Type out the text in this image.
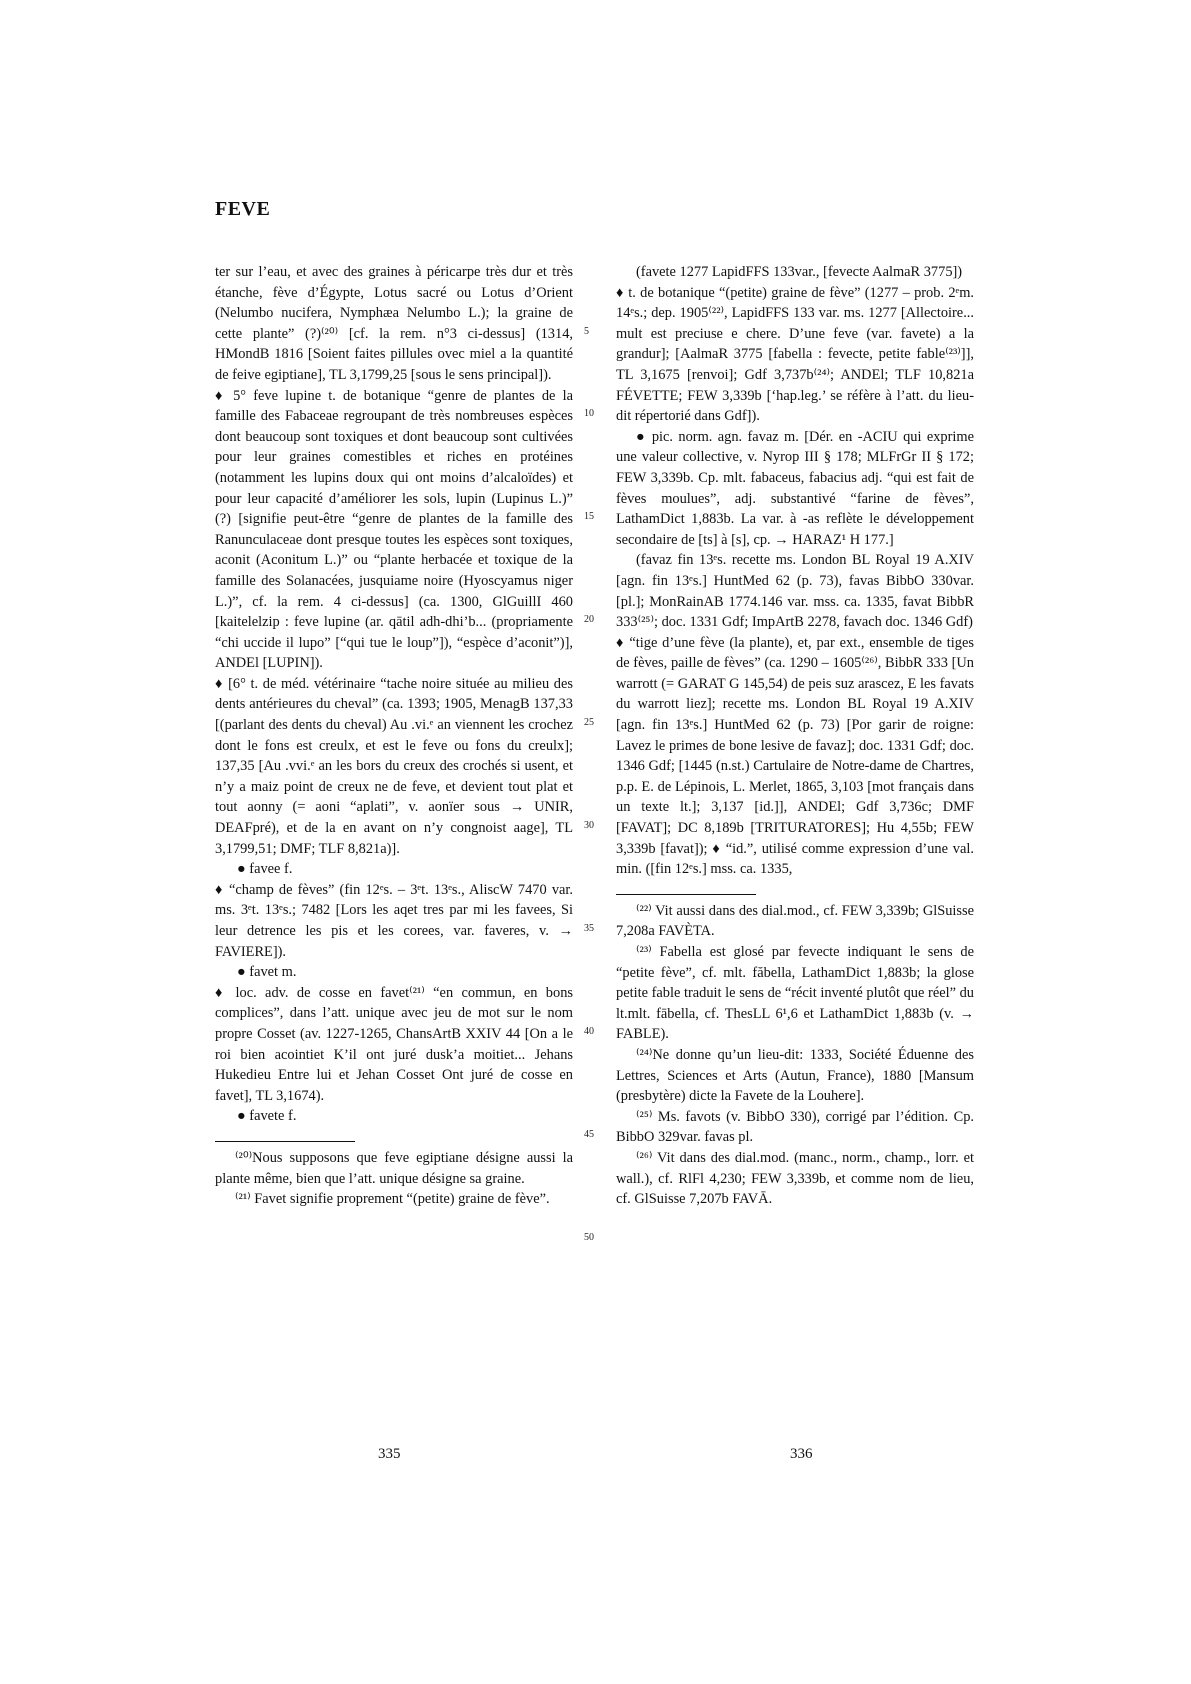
FEVE

ter sur l’eau, et avec des graines à péricarpe très dur et très étanche, fève d’Égypte, Lotus sacré ou Lotus d’Orient (Nelumbo nucifera, Nymphæa Nelumbo L.); la graine de cette plante” (?)⁽²⁰⁾ [cf. la rem. n°3 ci-dessus] (1314, HMondB 1816 [Soient faites pillules ovec miel a la quantité de feive egiptiane], TL 3,1799,25 [sous le sens principal]).

♦ 5° feve lupine t. de botanique “genre de plantes de la famille des Fabaceae regroupant de très nombreuses espèces dont beaucoup sont toxiques et dont beaucoup sont cultivées pour leur graines comestibles et riches en protéines (notamment les lupins doux qui ont moins d’alcaloïdes) et pour leur capacité d’améliorer les sols, lupin (Lupinus L.)” (?) [signifie peut-être “genre de plantes de la famille des Ranunculaceae dont presque toutes les espèces sont toxiques, aconit (Aconitum L.)” ou “plante herbacée et toxique de la famille des Solanacées, jusquiame noire (Hyoscyamus niger L.)”, cf. la rem. 4 ci-dessus] (ca. 1300, GlGuillI 460 [kaitelelzip : feve lupine (ar. qātil adh-dhi’b... (propriamente “chi uccide il lupo” [“qui tue le loup”]), “espèce d’aconit”)], ANDEl [LUPIN]).

♦ [6° t. de méd. vétérinaire “tache noire située au milieu des dents antérieures du cheval” (ca. 1393; 1905, MenagB 137,33 [(parlant des dents du cheval) Au .vi.ᵉ an viennent les crochez dont le fons est creulx, et est le feve ou fons du creulx]; 137,35 [Au .vvi.ᵉ an les bors du creux des crochés si usent, et n’y a maiz point de creux ne de feve, et devient tout plat et tout aonny (= aoni “aplati”, v. aonïer sous → UNIR, DEAFpré), et de la en avant on n’y congnoist aage], TL 3,1799,51; DMF; TLF 8,821a)].

● favee f.

♦ “champ de fèves” (fin 12ᵉs. – 3ᵉt. 13ᵉs., AliscW 7470 var. ms. 3ᵉt. 13ᵉs.; 7482 [Lors les aqet tres par mi les favees, Si leur detrence les pis et les corees, var. faveres, v. → FAVIERE]).

● favet m.

♦ loc. adv. de cosse en favet⁽²¹⁾ “en commun, en bons complices”, dans l’att. unique avec jeu de mot sur le nom propre Cosset (av. 1227-1265, ChansArtB XXIV 44 [On a le roi bien acointiet K’il ont juré dusk’a moitiet... Jehans Hukedieu Entre lui et Jehan Cosset Ont juré de cosse en favet], TL 3,1674).

● favete f.

⁽²⁰⁾Nous supposons que feve egiptiane désigne aussi la plante même, bien que l’att. unique désigne sa graine.

⁽²¹⁾ Favet signifie proprement “(petite) graine de fève”.

(favete 1277 LapidFFS 133var., [fevecte AalmaR 3775])

♦ t. de botanique “(petite) graine de fève” (1277 – prob. 2ᵉm. 14ᵉs.; dep. 1905⁽²²⁾, LapidFFS 133 var. ms. 1277 [Allectoire... mult est preciuse e chere. D’une feve (var. favete) a la grandur]; [AalmaR 3775 [fabella : fevecte, petite fable⁽²³⁾]], TL 3,1675 [renvoi]; Gdf 3,737b⁽²⁴⁾; ANDEl; TLF 10,821a FÉVETTE; FEW 3,339b [‘hap.leg.’ se réfère à l’att. du lieu-dit répertorié dans Gdf]).

● pic. norm. agn. favaz m. [Dér. en -ACIU qui exprime une valeur collective, v. Nyrop III § 178; MLFrGr II § 172; FEW 3,339b. Cp. mlt. fabaceus, fabacius adj. “qui est fait de fèves moulues”, adj. substantivé “farine de fèves”, LathamDict 1,883b. La var. à -as reflète le développement secondaire de [ts] à [s], cp. → HARAZ¹ H 177.]

(favaz fin 13ᵉs. recette ms. London BL Royal 19 A.XIV [agn. fin 13ᵉs.] HuntMed 62 (p. 73), favas BibbO 330var. [pl.]; MonRainAB 1774.146 var. mss. ca. 1335, favat BibbR 333⁽²⁵⁾; doc. 1331 Gdf; ImpArtB 2278, favach doc. 1346 Gdf)

♦ “tige d’une fève (la plante), et, par ext., ensemble de tiges de fèves, paille de fèves” (ca. 1290 – 1605⁽²⁶⁾, BibbR 333 [Un warrott (= GARAT G 145,54) de peis suz arascez, E les favats du warrott liez]; recette ms. London BL Royal 19 A.XIV [agn. fin 13ᵉs.] HuntMed 62 (p. 73) [Por garir de roigne: Lavez le primes de bone lesive de favaz]; doc. 1331 Gdf; doc. 1346 Gdf; [1445 (n.st.) Cartulaire de Notre-dame de Chartres, p.p. E. de Lépinois, L. Merlet, 1865, 3,103 [mot français dans un texte lt.]; 3,137 [id.]], ANDEl; Gdf 3,736c; DMF [FAVAT]; DC 8,189b [TRITURATORES]; Hu 4,55b; FEW 3,339b [favat]); ♦ “id.”, utilisé comme expression d’une val. min. ([fin 12ᵉs.] mss. ca. 1335,

⁽²²⁾ Vit aussi dans des dial.mod., cf. FEW 3,339b; GlSuisse 7,208a FAVÈTA.

⁽²³⁾ Fabella est glosé par fevecte indiquant le sens de “petite fève”, cf. mlt. făbella, LathamDict 1,883b; la glose petite fable traduit le sens de “récit inventé plutôt que réel” du lt.mlt. fābella, cf. ThesLL 6¹,6 et LathamDict 1,883b (v. → FABLE).

⁽²⁴⁾Ne donne qu’un lieu-dit: 1333, Société Éduenne des Lettres, Sciences et Arts (Autun, France), 1880 [Mansum (presbytère) dicte la Favete de la Louhere].

⁽²⁵⁾ Ms. favots (v. BibbO 330), corrigé par l’édition. Cp. BibbO 329var. favas pl.

⁽²⁶⁾ Vit dans des dial.mod. (manc., norm., champ., lorr. et wall.), cf. RlFl 4,230; FEW 3,339b, et comme nom de lieu, cf. GlSuisse 7,207b FAVĀ.

5
10
15
20
25
30
35
40
45
50
335	336
